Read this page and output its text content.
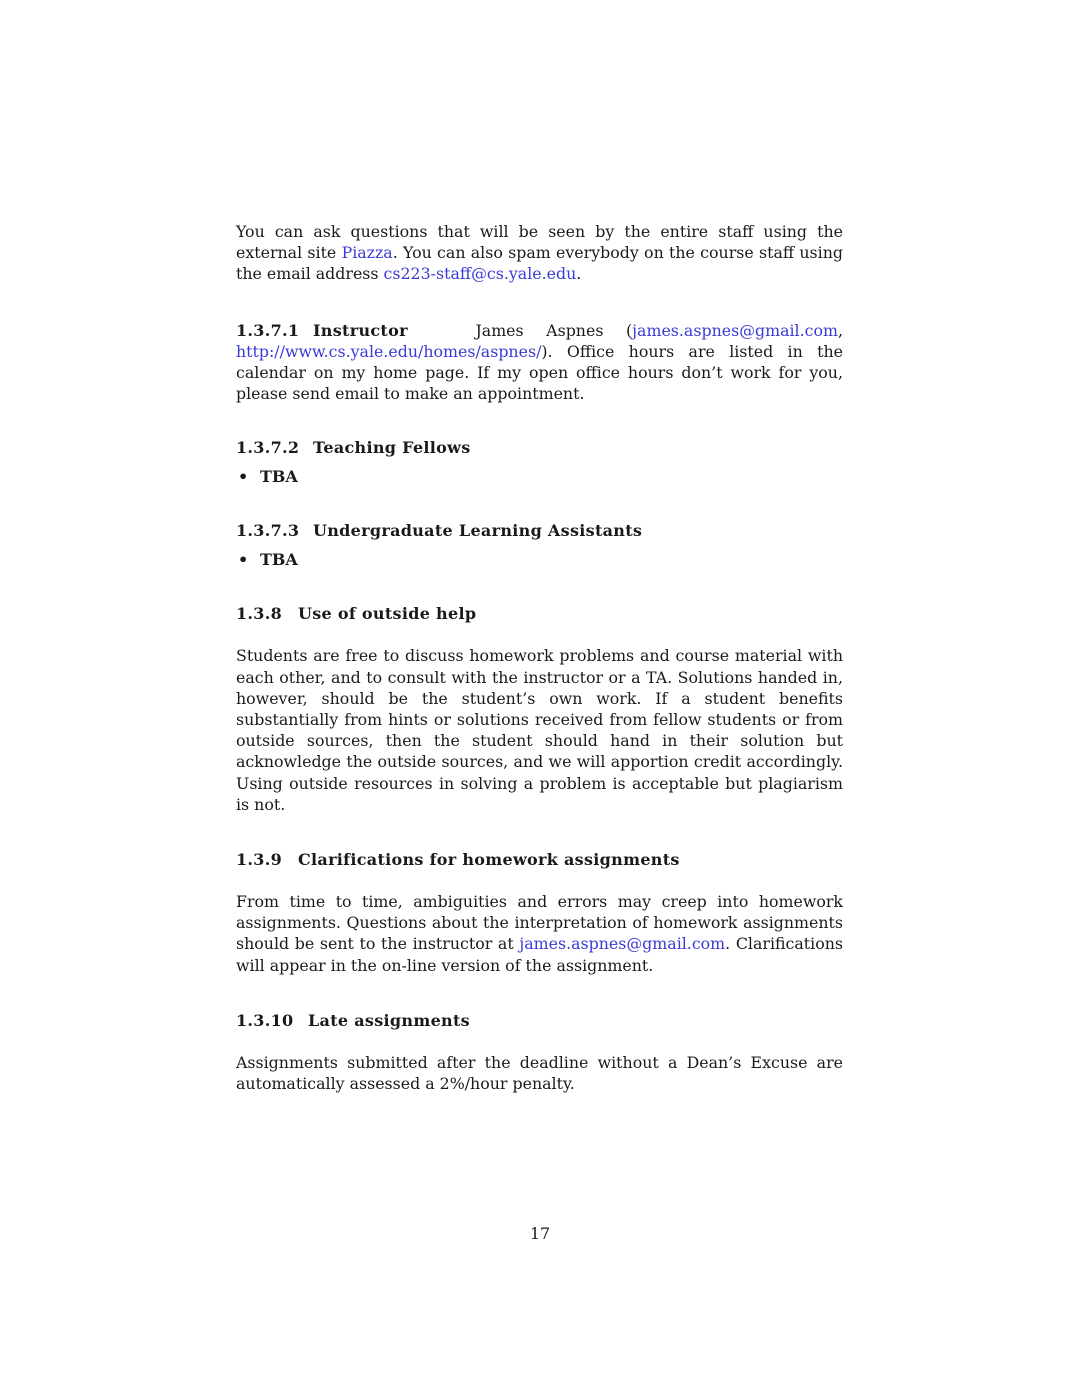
You can ask questions that will be seen by the entire staff using the external site Piazza. You can also spam everybody on the course staff using the email address cs223-staff@cs.yale.edu.

1.3.7.1 Instructor	James Aspnes (james.aspnes@gmail.com, http://www.cs.yale.edu/homes/aspnes/). Office hours are listed in the calendar on my home page. If my open office hours don’t work for you, please send email to make an appointment.

1.3.7.2 Teaching Fellows
• TBA
1.3.7.3 Undergraduate Learning Assistants
• TBA
1.3.8 Use of outside help

Students are free to discuss homework problems and course material with each other, and to consult with the instructor or a TA. Solutions handed in, however, should be the student’s own work. If a student benefits substantially from hints or solutions received from fellow students or from outside sources, then the student should hand in their solution but acknowledge the outside sources, and we will apportion credit accordingly. Using outside resources in solving a problem is acceptable but plagiarism is not.

1.3.9 Clarifications for homework assignments

From time to time, ambiguities and errors may creep into homework assignments. Questions about the interpretation of homework assignments should be sent to the instructor at james.aspnes@gmail.com. Clarifications will appear in the on-line version of the assignment.

1.3.10 Late assignments

Assignments submitted after the deadline without a Dean’s Excuse are automatically assessed a 2%/hour penalty.

17
